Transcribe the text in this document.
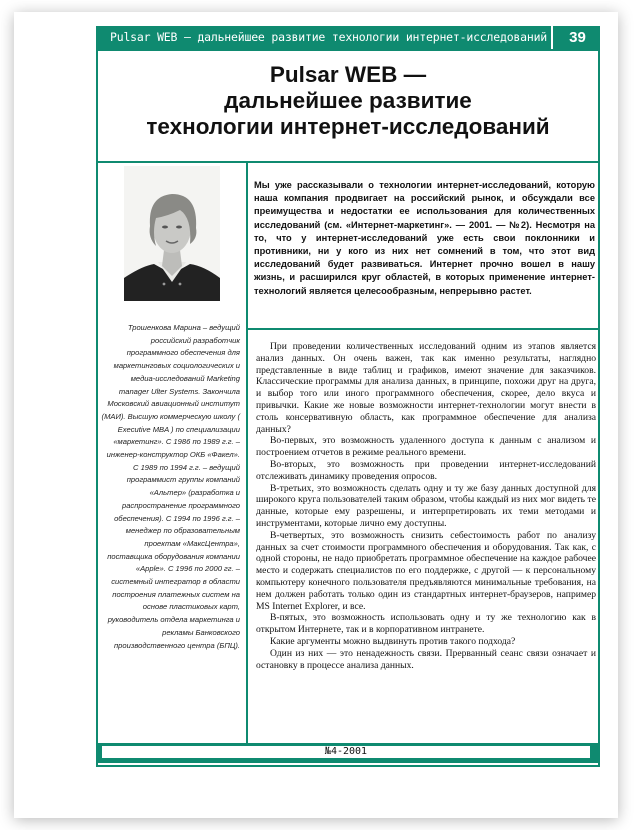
Pulsar WEB — дальнейшее развитие технологии интернет-исследований	39
Pulsar WEB —
дальнейшее развитие
технологии интернет-исследований
Трошенкова Марина – ведущий российский разработчик программного обеспечения для маркетинговых социологических и медиа-исследований Marketing manager Ulter Systems. Закончила Московский авиационный институт (МАИ). Высшую коммерческую школу ( Executive MBA ) по специализации «маркетинг». С 1986 по 1989 г.г. – инженер-конструктор ОКБ «Факел». С 1989 по 1994 г.г. – ведущий программист группы компаний «Альтер» (разработка и распространение программного обеспечения). С 1994 по 1996 г.г. – менеджер по образовательным проектам «МаксЦентра», поставщика оборудования компании «Apple». С 1996 по 2000 гг. – системный интегратор в области построения платежных систем на основе пластиковых карт, руководитель отдела маркетинга и рекламы Банковского производственного центра (БПЦ).
Мы уже рассказывали о технологии интернет-исследований, которую наша компания продвигает на российский рынок, и обсуждали все преимущества и недостатки ее использования для количественных исследований (см. «Интернет-маркетинг». — 2001. — №2). Несмотря на то, что у интернет-исследований уже есть свои поклонники и противники, ни у кого из них нет сомнений в том, что этот вид исследований будет развиваться. Интернет прочно вошел в нашу жизнь, и расширился круг областей, в которых применение интернет-технологий является целесообразным, непрерывно растет.

При проведении количественных исследований одним из этапов является анализ данных. Он очень важен, так как именно результаты, наглядно представленные в виде таблиц и графиков, имеют значение для заказчиков. Классические программы для анализа данных, в принципе, похожи друг на друга, и выбор того или иного программного обеспечения, скорее, дело вкуса и привычки. Какие же новые возможности интернет-технологии могут внести в столь консервативную область, как программное обеспечение для анализа данных?

Во-первых, это возможность удаленного доступа к данным с анализом и построением отчетов в режиме реального времени.

Во-вторых, это возможность при проведении интернет-исследований отслеживать динамику проведения опросов.

В-третьих, это возможность сделать одну и ту же базу данных доступной для широкого круга пользователей таким образом, чтобы каждый из них мог видеть те данные, которые ему разрешены, и интерпретировать их теми методами и инструментами, которые лично ему доступны.

В-четвертых, это возможность снизить себестоимость работ по анализу данных за счет стоимости программного обеспечения и оборудования. Так как, с одной стороны, не надо приобретать программное обеспечение на каждое рабочее место и содержать специалистов по его поддержке, с другой — к персональному компьютеру конечного пользователя предъявляются минимальные требования, на нем должен работать только один из стандартных интернет-браузеров, например MS Internet Explorer, и все.

В-пятых, это возможность использовать одну и ту же технологию как в открытом Интернете, так и в корпоративном интранете.

Какие аргументы можно выдвинуть против такого подхода?

Один из них — это ненадежность связи. Прерванный сеанс связи означает и остановку в процессе анализа данных.

№4-2001
